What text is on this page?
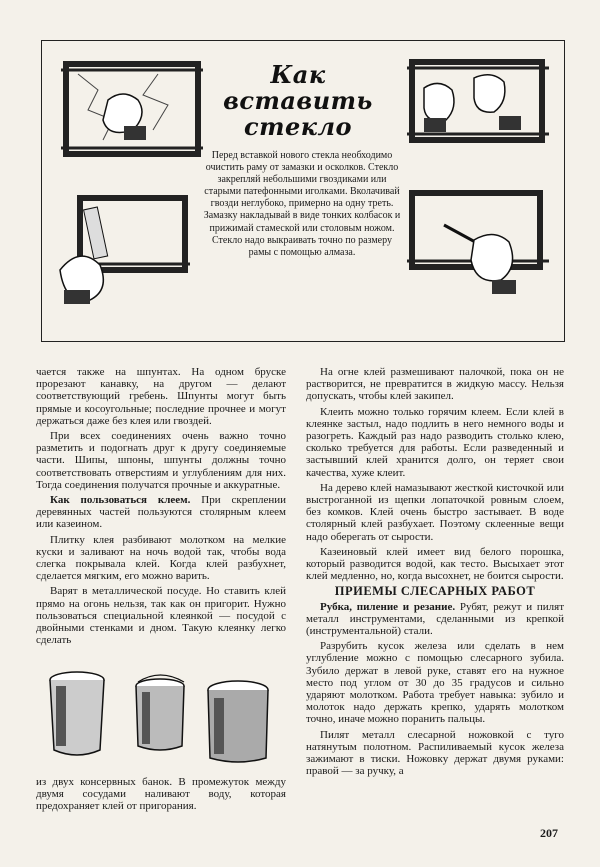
Как вставить
стекло
Перед вставкой нового стекла необходимо очистить раму от замазки и осколков. Стекло закрепляй небольшими гвоздиками или старыми патефонными иголками. Вколачивай гвозди неглубоко, примерно на одну треть. Замазку накладывай в виде тонких колбасок и прижимай стамеской или столовым ножом. Стекло надо выкраивать точно по размеру рамы с помощью алмаза.

чается также на шпунтах. На одном бруске прорезают канавку, на другом — делают соответствующий гребень. Шпунты могут быть прямые и косоугольные; последние прочнее и могут держаться даже без клея или гвоздей.

При всех соединениях очень важно точно разметить и подогнать друг к другу соединяемые части. Шипы, шпоны, шпунты должны точно соответствовать отверстиям и углублениям для них. Тогда соединения получатся прочные и аккуратные.

Как пользоваться клеем. При скреплении деревянных частей пользуются столярным клеем или казеином.

Плитку клея разбивают молотком на мелкие куски и заливают на ночь водой так, чтобы вода слегка покрывала клей. Когда клей разбухнет, сделается мягким, его можно варить.

Варят в металлической посуде. Но ставить клей прямо на огонь нельзя, так как он пригорит. Нужно пользоваться специальной клеянкой — посудой с двойными стенками и дном. Такую клеянку легко сделать

из двух консервных банок. В промежуток между двумя сосудами наливают воду, которая предохраняет клей от пригорания.

На огне клей размешивают палочкой, пока он не растворится, не превратится в жидкую массу. Нельзя допускать, чтобы клей закипел.

Клеить можно только горячим клеем. Если клей в клеянке застыл, надо подлить в него немного воды и разогреть. Каждый раз надо разводить столько клею, сколько требуется для работы. Если разведенный и застывший клей хранится долго, он теряет свои качества, хуже клеит.

На дерево клей намазывают жесткой кисточкой или выстроганной из щепки лопаточкой ровным слоем, без комков. Клей очень быстро застывает. В воде столярный клей разбухает. Поэтому склеенные вещи надо оберегать от сырости.

Казеиновый клей имеет вид белого порошка, который разводится водой, как тесто. Высыхает этот клей медленно, но, когда высохнет, не боится сырости.

ПРИЕМЫ СЛЕСАРНЫХ РАБОТ

Рубка, пиление и резание. Рубят, режут и пилят металл инструментами, сделанными из крепкой (инструментальной) стали.

Разрубить кусок железа или сделать в нем углубление можно с помощью слесарного зубила. Зубило держат в левой руке, ставят его на нужное место под углом от 30 до 35 градусов и сильно ударяют молотком. Работа требует навыка: зубило и молоток надо держать крепко, ударять молотком точно, иначе можно поранить пальцы.

Пилят металл слесарной ножовкой с туго натянутым полотном. Распиливаемый кусок железа зажимают в тиски. Ножовку держат двумя руками: правой — за ручку, а

207
